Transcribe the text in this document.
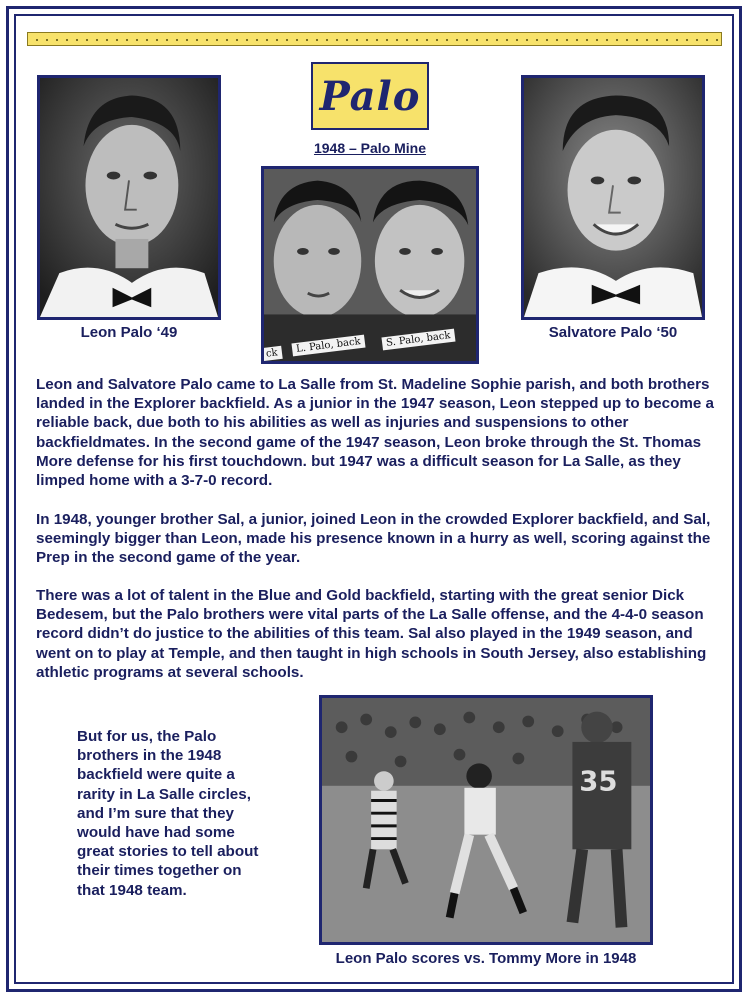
Leon Palo ‘49
Palo
1948 – Palo Mine
L. Palo, back	S. Palo, back
ck
Salvatore Palo ‘50
Leon and Salvatore Palo came to La Salle from St. Madeline Sophie parish, and both brothers landed in the Explorer backfield. As a junior in the 1947 season, Leon stepped up to become a reliable back, due both to his abilities as well as injuries and suspensions to other backfieldmates. In the second game of the 1947 season, Leon broke through the St. Thomas More defense for his first touchdown. but 1947 was a difficult season for La Salle, as they limped home with a 3-7-0 record.
In 1948, younger brother Sal, a junior, joined Leon in the crowded Explorer backfield, and Sal, seemingly bigger than Leon, made his presence known in a hurry as well, scoring against the Prep in the second game of the year.
There was a lot of talent in the Blue and Gold backfield, starting with the great senior Dick Bedesem, but the Palo brothers were vital parts of the La Salle offense, and the 4-4-0 season record didn’t do justice to the abilities of this team. Sal also played in the 1949 season, and went on to play at Temple, and then taught in high schools in South Jersey, also establishing athletic programs at several schools.
But for us, the Palo brothers in the 1948 backfield were quite a rarity in La Salle circles, and I’m sure that they would have had some great stories to tell about their times together on that 1948 team.
35
Leon Palo scores vs. Tommy More in 1948
